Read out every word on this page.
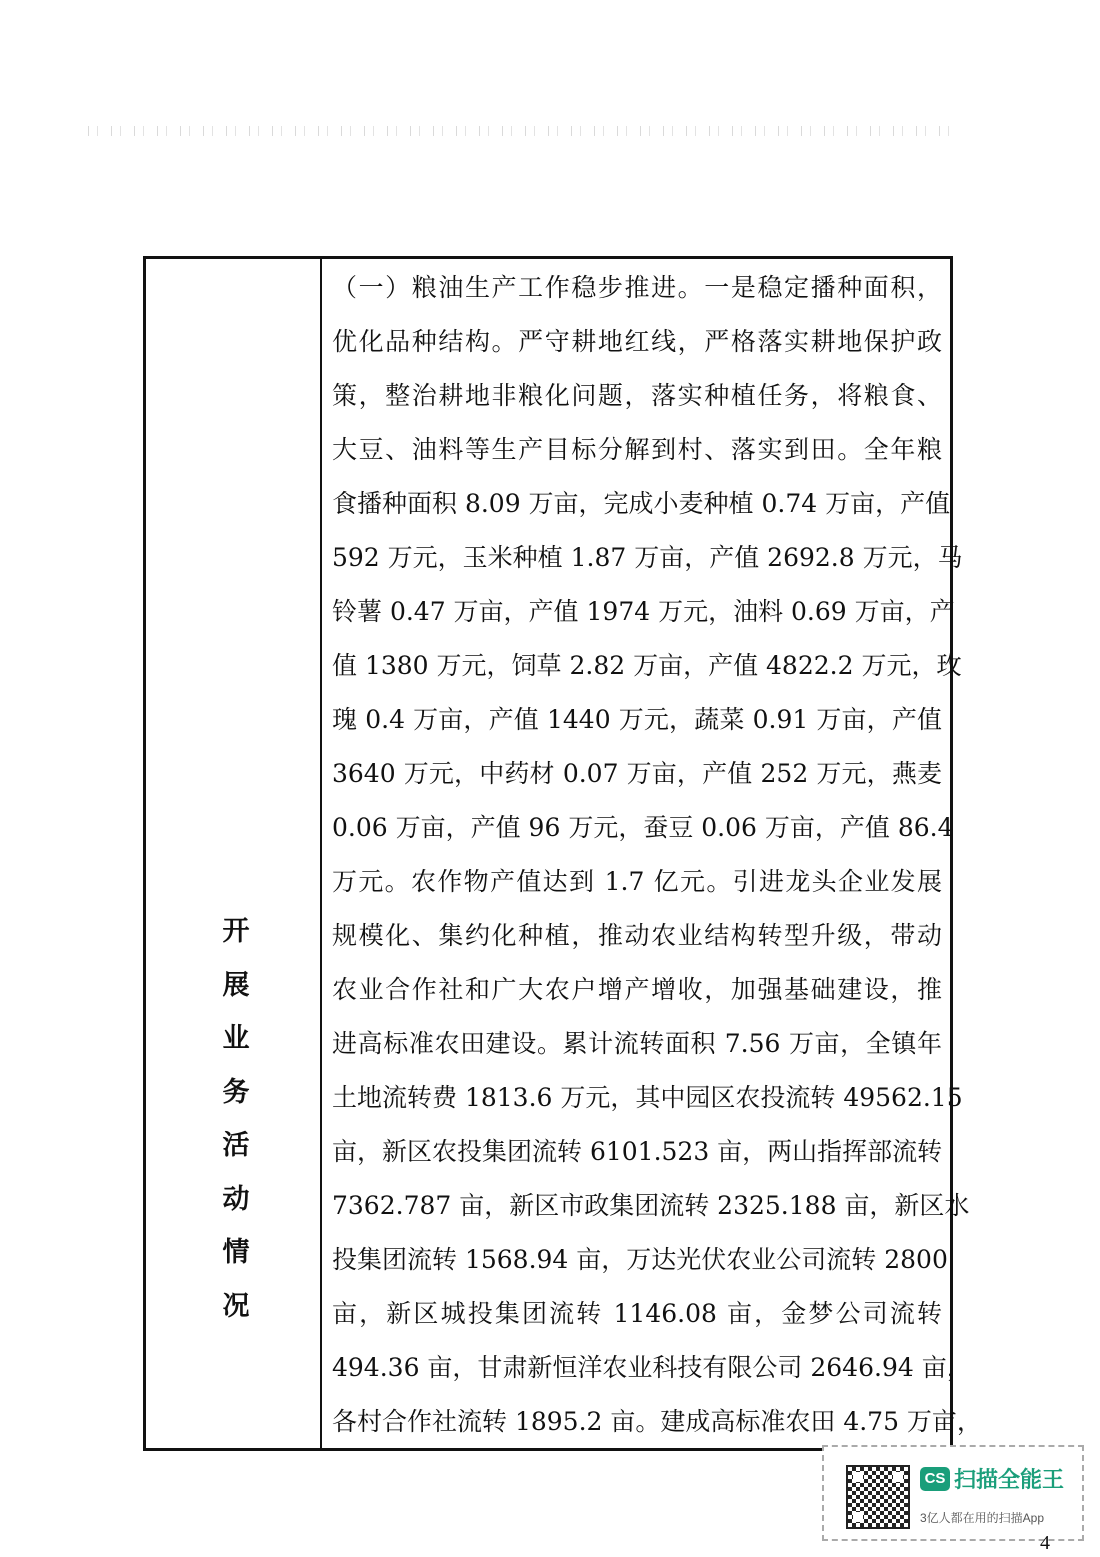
开展业务活动情况
（一）粮油生产工作稳步推进。一是稳定播种面积，
优化品种结构。严守耕地红线，严格落实耕地保护政
策，整治耕地非粮化问题，落实种植任务，将粮食、
大豆、油料等生产目标分解到村、落实到田。全年粮
食播种面积 8.09 万亩，完成小麦种植 0.74 万亩，产值
592 万元，玉米种植 1.87 万亩，产值 2692.8 万元，马
铃薯 0.47 万亩，产值 1974 万元，油料 0.69 万亩，产
值 1380 万元，饲草 2.82 万亩，产值 4822.2 万元，玫
瑰 0.4 万亩，产值 1440 万元，蔬菜 0.91 万亩，产值
3640 万元，中药材 0.07 万亩，产值 252 万元，燕麦
0.06 万亩，产值 96 万元，蚕豆 0.06 万亩，产值 86.4
万元。农作物产值达到 1.7 亿元。引进龙头企业发展
规模化、集约化种植，推动农业结构转型升级，带动
农业合作社和广大农户增产增收，加强基础建设，推
进高标准农田建设。累计流转面积 7.56 万亩，全镇年
土地流转费 1813.6 万元，其中园区农投流转 49562.15
亩，新区农投集团流转 6101.523 亩，两山指挥部流转
7362.787 亩，新区市政集团流转 2325.188 亩，新区水
投集团流转 1568.94 亩，万达光伏农业公司流转 2800
亩，新区城投集团流转 1146.08 亩，金梦公司流转
494.36 亩，甘肃新恒洋农业科技有限公司 2646.94 亩，
各村合作社流转 1895.2 亩。建成高标准农田 4.75 万亩，
CS 扫描全能王
3亿人都在用的扫描App
4
